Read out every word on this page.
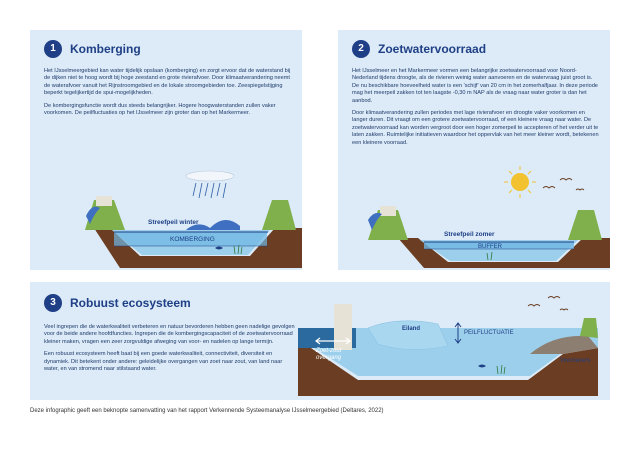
1	Komberging

Het IJsselmeergebied kan water tijdelijk opslaan (komberging) en zorgt ervoor dat de waterstand bij de dijken niet te hoog wordt bij hoge zeestand en grote rivierafvoer. Door klimaatverandering neemt de waterafvoer vanuit het Rijnstroomgebied en de lokale stroomgebieden toe. Zeespiegelstijging beperkt tegelijkertijd de spui-mogelijkheden.

De kombergingsfunctie wordt dus steeds belangrijker. Hogere hoogwaterstanden zullen vaker voorkomen. De peilfluctuaties op het IJsselmeer zijn groter dan op het Markermeer.

Streefpeil winter
KOMBERGING
2	Zoetwatervoorraad

Het IJsselmeer en het Markermeer vormen een belangrijke zoetwatervoorraad voor Noord-Nederland tijdens droogte, als de rivieren weinig water aanvoeren en de watervraag juist groot is. De nu beschikbare hoeveelheid water is een 'schijf' van 20 cm in het zomerhalfjaar. In deze periode mag het meerpeil zakken tot ten laagste -0,30 m NAP als de vraag naar water groter is dan het aanbod.

Door klimaatverandering zullen periodes met lage rivierafvoer en droogte vaker voorkomen en langer duren. Dit vraagt om een grotere zoetwatervoorraad, of een kleinere vraag naar water. De zoetwatervoorraad kan worden vergroot door een hoger zomerpeil te accepteren of het verder uit te laten zakken. Ruimtelijke initiatieven waardoor het oppervlak van het meer kleiner wordt, betekenen een kleinere voorraad.

Streefpeil zomer
BUFFER
3	Robuust ecosysteem

Veel ingrepen die de waterkwaliteit verbeteren en natuur bevorderen hebben geen nadelige gevolgen voor de beide andere hoofdfuncties. Ingrepen die de kombergingscapaciteit of de zoetwatervoorraad kleiner maken, vragen een zeer zorgvuldige afweging van voor- en nadelen op lange termijn.

Een robuust ecosysteem heeft baat bij een goede waterkwaliteit, connectiviteit, diversiteit en dynamiek. Dit betekent onder andere: geleidelijke overgangen van zoet naar zout, van land naar water, en van stromend naar stilstaand water.

Eiland
PEILFLUCTUATIE
Zoet-zout
overgang	Vooroevers
Deze infographic geeft een beknopte samenvatting van het rapport Verkennende Systeemanalyse IJsselmeergebied (Deltares, 2022)
